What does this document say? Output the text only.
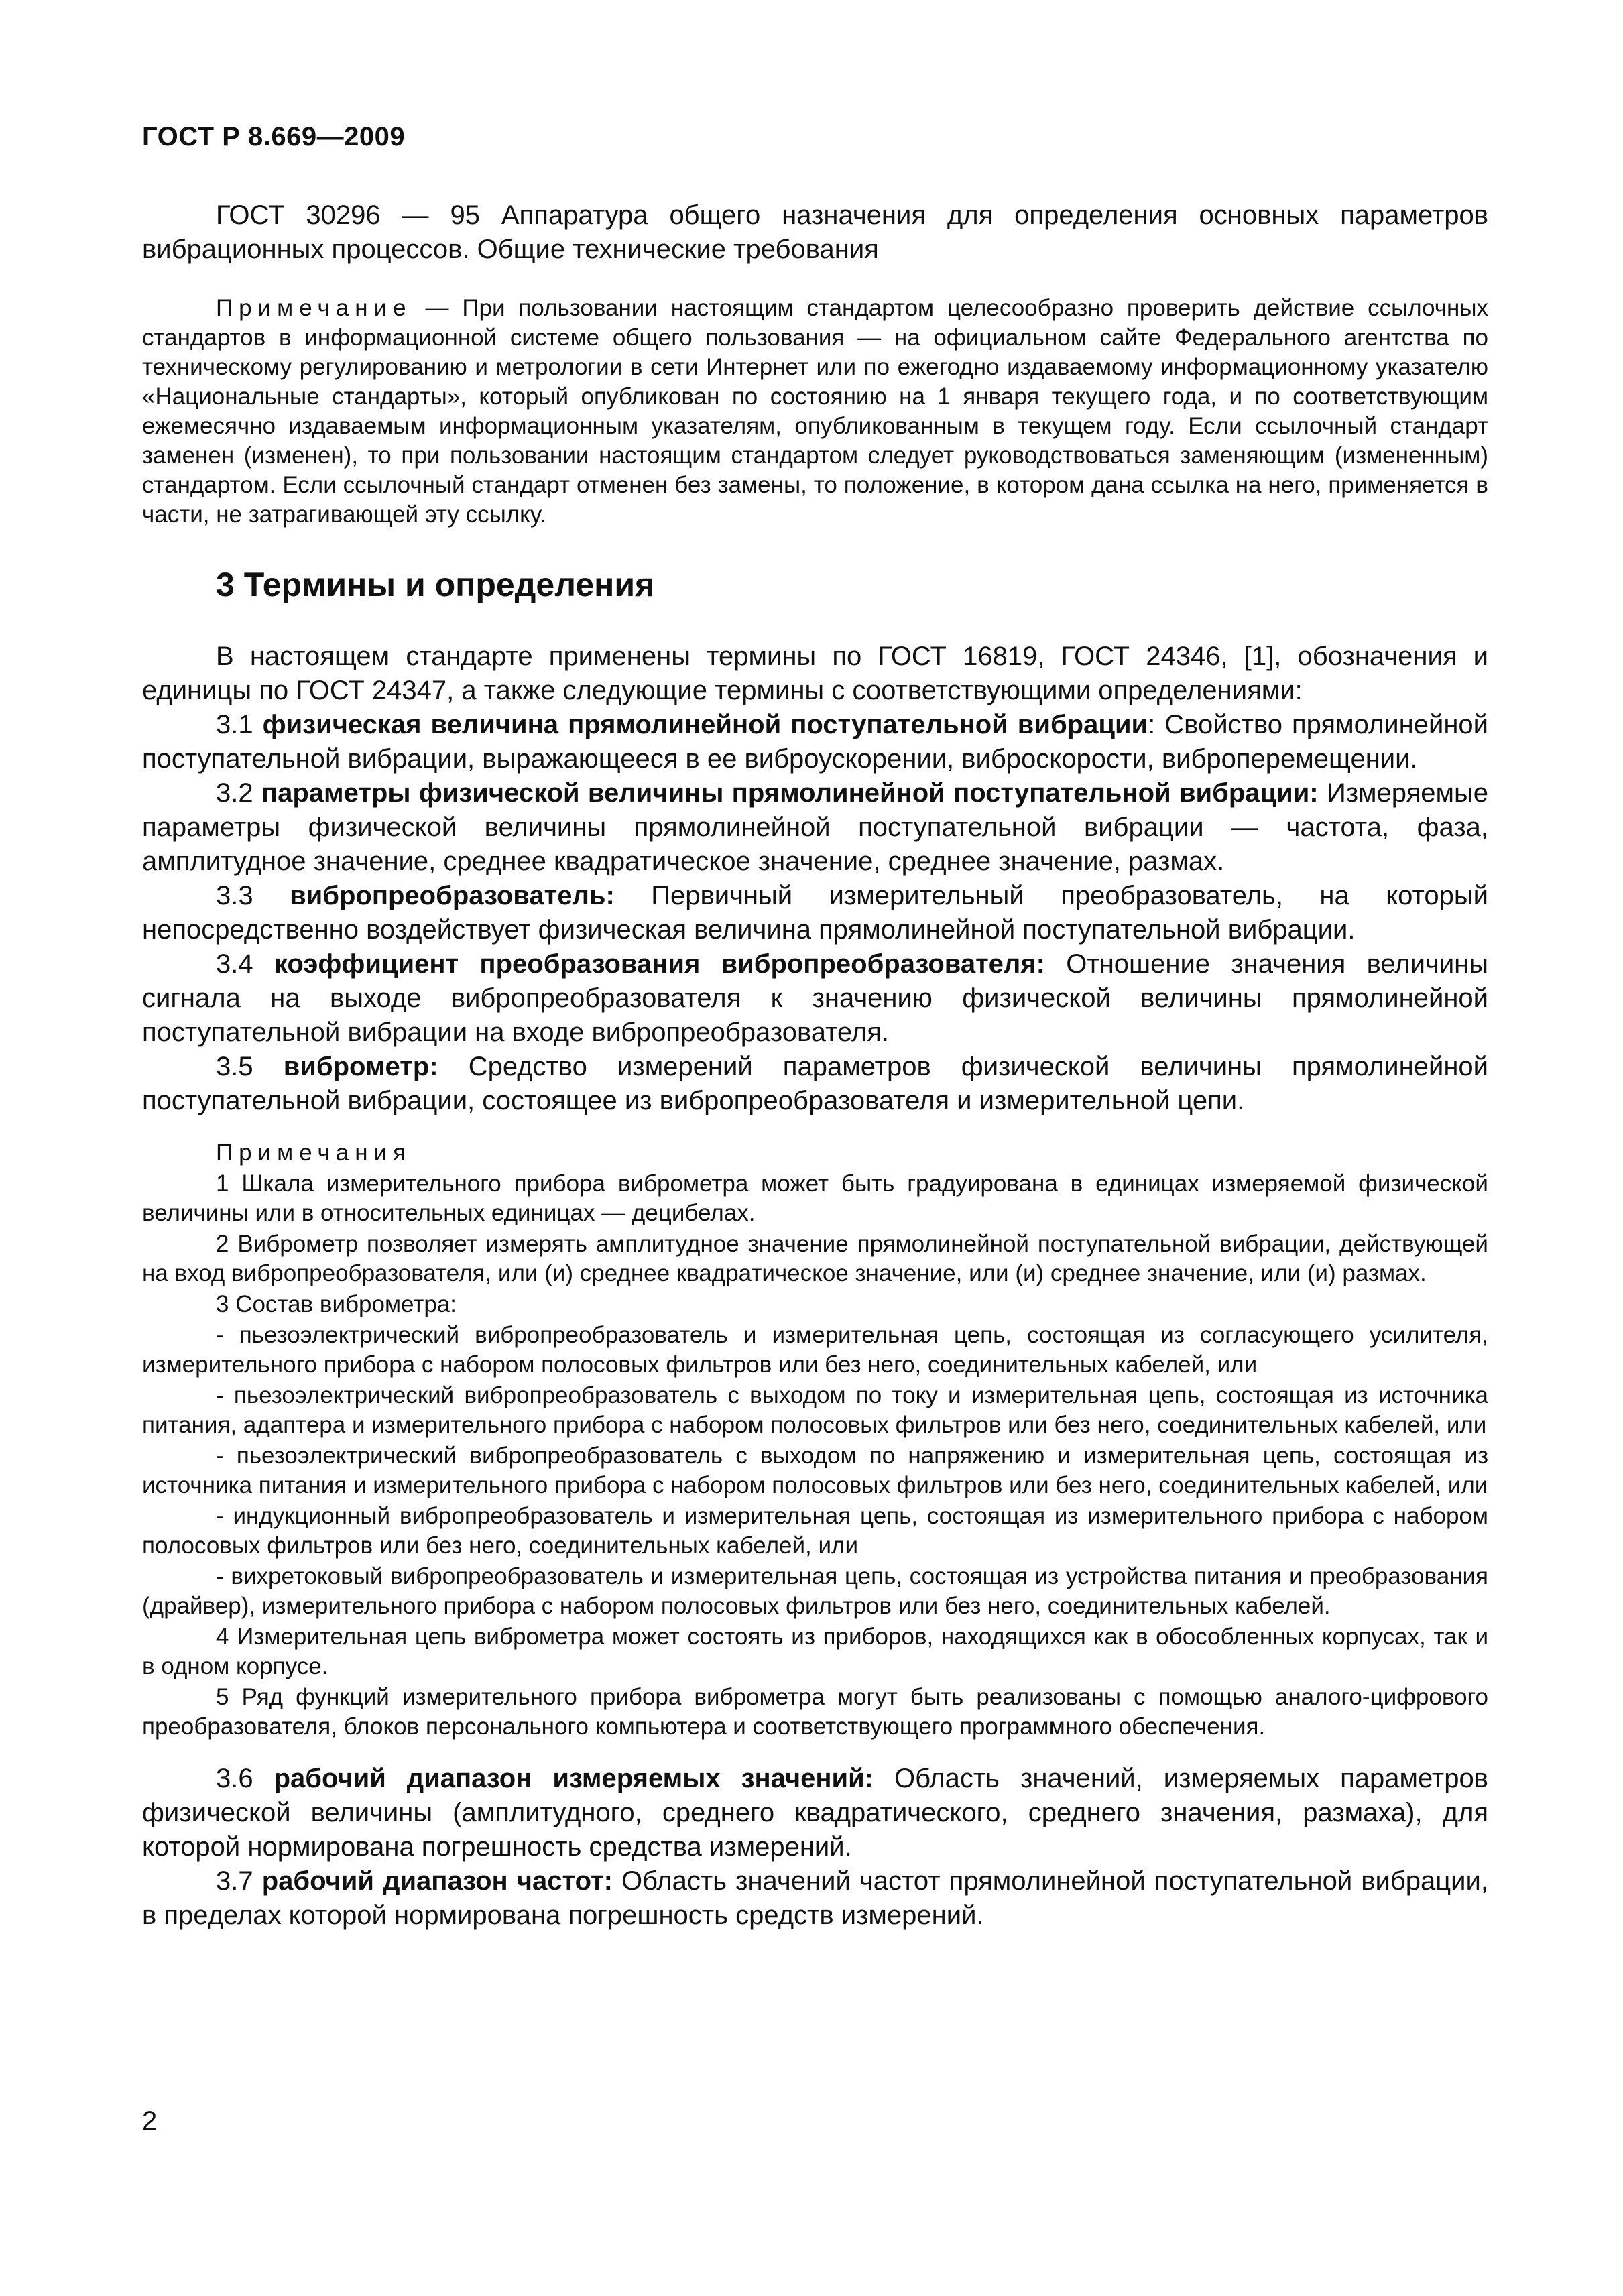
ГОСТ Р 8.669—2009

ГОСТ 30296 — 95 Аппаратура общего назначения для определения основных параметров вибрационных процессов. Общие технические требования

Примечание — При пользовании настоящим стандартом целесообразно проверить действие ссылочных стандартов в информационной системе общего пользования — на официальном сайте Федерального агентства по техническому регулированию и метрологии в сети Интернет или по ежегодно издаваемому информационному указателю «Национальные стандарты», который опубликован по состоянию на 1 января текущего года, и по соответствующим ежемесячно издаваемым информационным указателям, опубликованным в текущем году. Если ссылочный стандарт заменен (изменен), то при пользовании настоящим стандартом следует руководствоваться заменяющим (измененным) стандартом. Если ссылочный стандарт отменен без замены, то положение, в котором дана ссылка на него, применяется в части, не затрагивающей эту ссылку.

3 Термины и определения

В настоящем стандарте применены термины по ГОСТ 16819, ГОСТ 24346, [1], обозначения и единицы по ГОСТ 24347, а также следующие термины с соответствующими определениями:

3.1 физическая величина прямолинейной поступательной вибрации: Свойство прямолинейной поступательной вибрации, выражающееся в ее виброускорении, виброскорости, виброперемещении.

3.2 параметры физической величины прямолинейной поступательной вибрации: Измеряемые параметры физической величины прямолинейной поступательной вибрации — частота, фаза, амплитудное значение, среднее квадратическое значение, среднее значение, размах.

3.3 вибропреобразователь: Первичный измерительный преобразователь, на который непосредственно воздействует физическая величина прямолинейной поступательной вибрации.

3.4 коэффициент преобразования вибропреобразователя: Отношение значения величины сигнала на выходе вибропреобразователя к значению физической величины прямолинейной поступательной вибрации на входе вибропреобразователя.

3.5 виброметр: Средство измерений параметров физической величины прямолинейной поступательной вибрации, состоящее из вибропреобразователя и измерительной цепи.

Примечания

1 Шкала измерительного прибора виброметра может быть градуирована в единицах измеряемой физической величины или в относительных единицах — децибелах.

2 Виброметр позволяет измерять амплитудное значение прямолинейной поступательной вибрации, действующей на вход вибропреобразователя, или (и) среднее квадратическое значение, или (и) среднее значение, или (и) размах.

3 Состав виброметра:

- пьезоэлектрический вибропреобразователь и измерительная цепь, состоящая из согласующего усилителя, измерительного прибора с набором полосовых фильтров или без него, соединительных кабелей, или

- пьезоэлектрический вибропреобразователь с выходом по току и измерительная цепь, состоящая из источника питания, адаптера и измерительного прибора с набором полосовых фильтров или без него, соединительных кабелей, или

- пьезоэлектрический вибропреобразователь с выходом по напряжению и измерительная цепь, состоящая из источника питания и измерительного прибора с набором полосовых фильтров или без него, соединительных кабелей, или

- индукционный вибропреобразователь и измерительная цепь, состоящая из измерительного прибора с набором полосовых фильтров или без него, соединительных кабелей, или

- вихретоковый вибропреобразователь и измерительная цепь, состоящая из устройства питания и преобразования (драйвер), измерительного прибора с набором полосовых фильтров или без него, соединительных кабелей.

4 Измерительная цепь виброметра может состоять из приборов, находящихся как в обособленных корпусах, так и в одном корпусе.

5 Ряд функций измерительного прибора виброметра могут быть реализованы с помощью аналого-цифрового преобразователя, блоков персонального компьютера и соответствующего программного обеспечения.

3.6 рабочий диапазон измеряемых значений: Область значений, измеряемых параметров физической величины (амплитудного, среднего квадратического, среднего значения, размаха), для которой нормирована погрешность средства измерений.

3.7 рабочий диапазон частот: Область значений частот прямолинейной поступательной вибрации, в пределах которой нормирована погрешность средств измерений.

2
